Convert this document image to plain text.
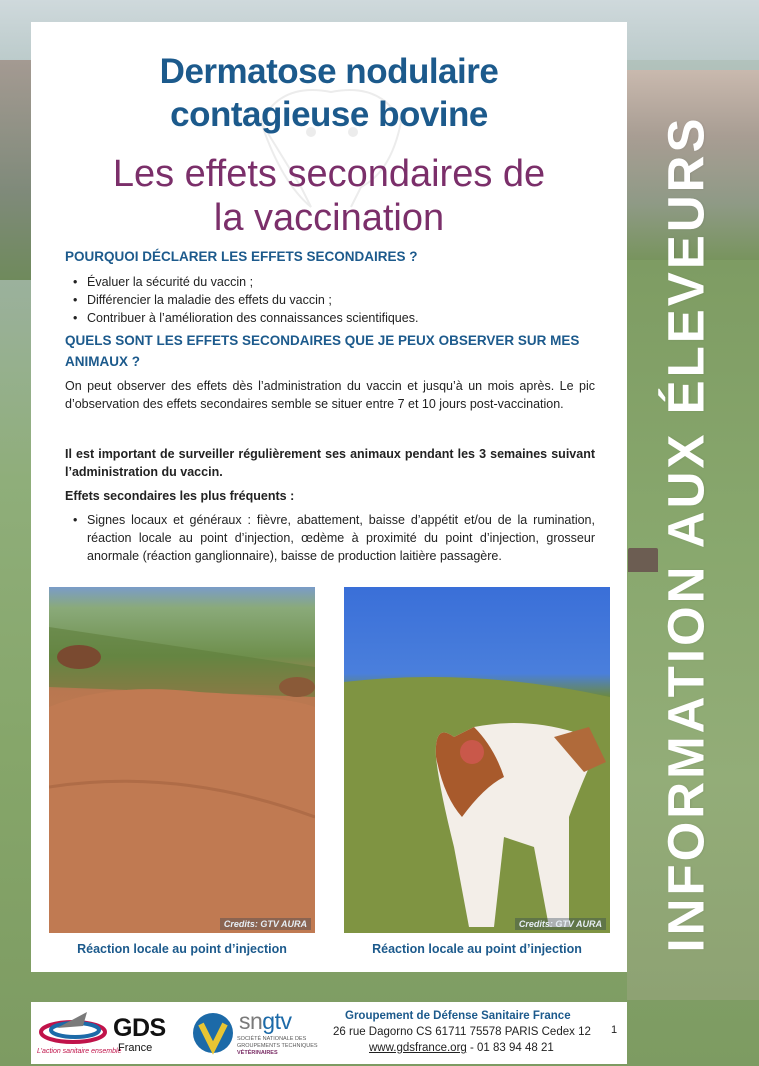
INFORMATION AUX ÉLEVEURS
Dermatose nodulaire
contagieuse bovine
Les effets secondaires de
la vaccination
POURQUOI DÉCLARER LES EFFETS SECONDAIRES ?
• Évaluer la sécurité du vaccin ;
• Différencier la maladie des effets du vaccin ;
• Contribuer à l’amélioration des connaissances scientifiques.
QUELS SONT LES EFFETS SECONDAIRES QUE JE PEUX OBSERVER SUR MES ANIMAUX ?

On peut observer des effets dès l’administration du vaccin et jusqu’à un mois après. Le pic d’observation des effets secondaires semble se situer entre 7 et 10 jours post-vaccination.

Il est important de surveiller régulièrement ses animaux pendant les 3 semaines suivant l’administration du vaccin.

Effets secondaires les plus fréquents :

• Signes locaux et généraux : fièvre, abattement, baisse d’appétit et/ou de la rumination, réaction locale au point d’injection, œdème à proximité du point d’injection, grosseur anormale (réaction ganglionnaire), baisse de production laitière passagère.
Credits: GTV AURA	Credits: GTV AURA
Réaction locale au point d’injection	Réaction locale au point d’injection
L’action sanitaire ensemble
GDS
France
sngtv
SOCIÉTÉ NATIONALE DES
GROUPEMENTS TECHNIQUES
VÉTÉRINAIRES
Groupement de Défense Sanitaire France
26 rue Dagorno CS 61711 75578 PARIS Cedex 12
www.gdsfrance.org - 01 83 94 48 21
1
